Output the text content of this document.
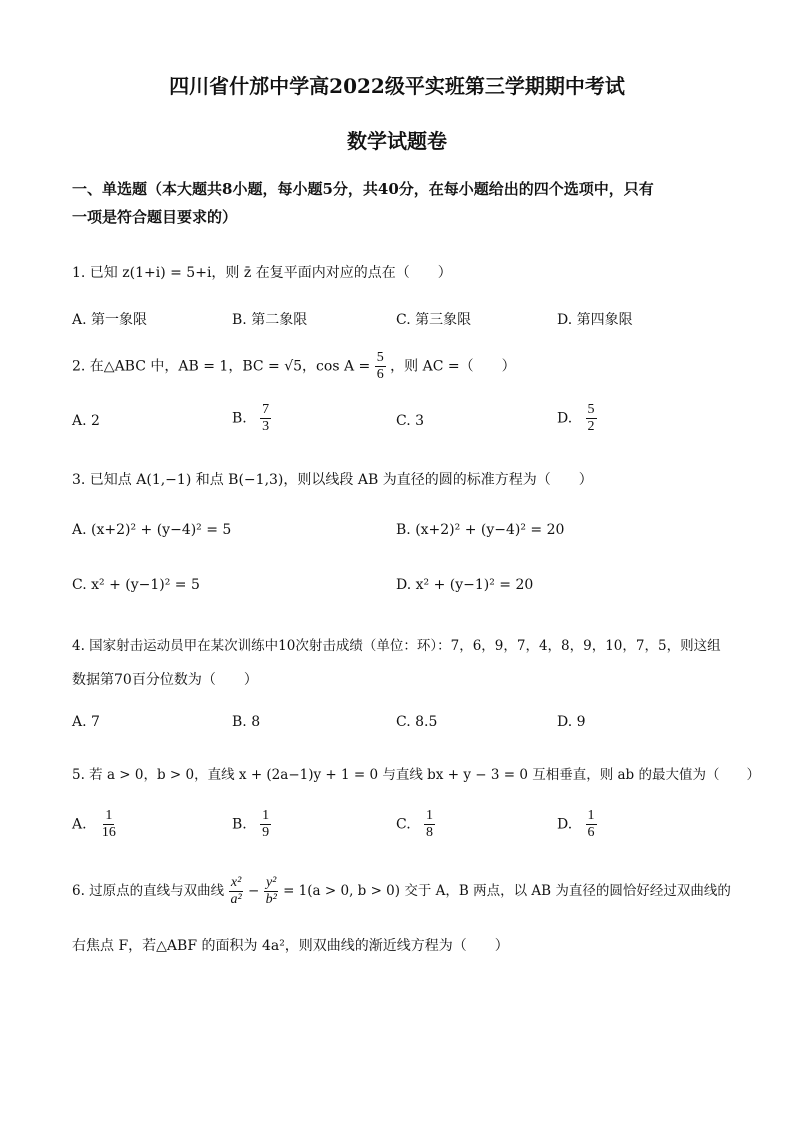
四川省什邡中学高2022级平实班第三学期期中考试
数学试题卷
一、单选题（本大题共8小题，每小题5分，共40分，在每小题给出的四个选项中，只有
一项是符合题目要求的）
1. 已知 z(1+i) = 5+i，则 z̄ 在复平面内对应的点在（　　）
A. 第一象限	B. 第二象限	C. 第三象限	D. 第四象限
2. 在△ABC 中，AB = 1，BC = √5，$\cos A = \frac{5}{6}$ ，则 AC =（　　）
A. 2	B. $\frac{7}{3}$	C. 3	D. $\frac{5}{2}$
3. 已知点 A(1,−1) 和点 B(−1,3)，则以线段 AB 为直径的圆的标准方程为（　　）
A. (x+2)² + (y−4)² = 5	B. (x+2)² + (y−4)² = 20
C. x² + (y−1)² = 5	D. x² + (y−1)² = 20
4. 国家射击运动员甲在某次训练中10次射击成绩（单位：环）：7，6，9，7，4，8，9，10，7，5，则这组
数据第70百分位数为（　　）
A. 7	B. 8	C. 8.5	D. 9
5. 若 a > 0，b > 0，直线 x + (2a−1)y + 1 = 0 与直线 bx + y − 3 = 0 互相垂直，则 ab 的最大值为（　　）
A. $\frac{1}{16}$	B. $\frac{1}{9}$	C. $\frac{1}{8}$	D. $\frac{1}{6}$
6. 过原点的直线与双曲线 $\frac{\text{x²}}{\text{a²}} - \frac{\text{y²}}{\text{b²}} = 1(a > 0$, b > 0) 交于 A，B 两点，以 AB 为直径的圆恰好经过双曲线的
右焦点 F，若△ABF 的面积为 4a²，则双曲线的渐近线方程为（　　）
